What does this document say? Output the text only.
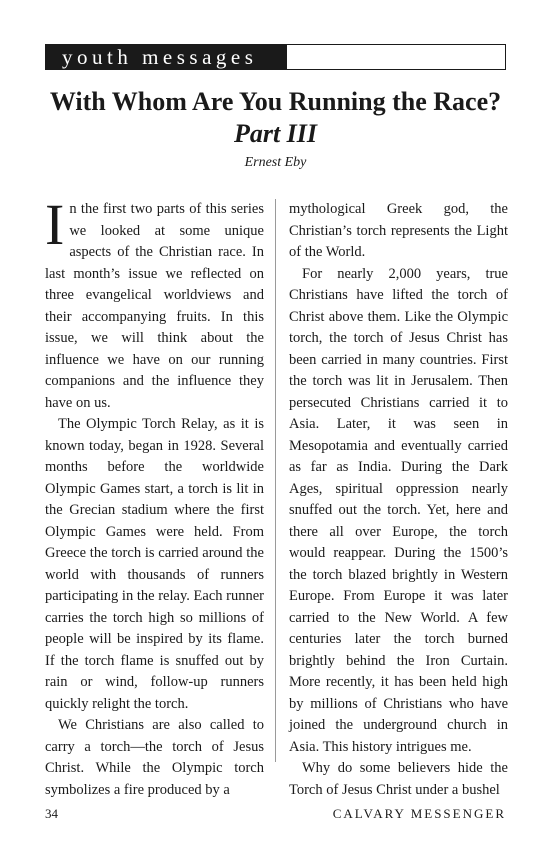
youth messages
With Whom Are You Running the Race? Part III
Ernest Eby

In the first two parts of this series we looked at some unique aspects of the Christian race. In last month’s issue we reflected on three evangelical worldviews and their accompanying fruits. In this issue, we will think about the influence we have on our running companions and the influence they have on us.

The Olympic Torch Relay, as it is known today, began in 1928. Several months before the worldwide Olympic Games start, a torch is lit in the Grecian stadium where the first Olympic Games were held. From Greece the torch is carried around the world with thousands of runners participating in the relay. Each runner carries the torch high so millions of people will be inspired by its flame. If the torch flame is snuffed out by rain or wind, follow-up runners quickly relight the torch.

We Christians are also called to carry a torch—the torch of Jesus Christ. While the Olympic torch symbolizes a fire produced by a

mythological Greek god, the Christian’s torch represents the Light of the World.

For nearly 2,000 years, true Christians have lifted the torch of Christ above them. Like the Olympic torch, the torch of Jesus Christ has been carried in many countries. First the torch was lit in Jerusalem. Then persecuted Christians carried it to Asia. Later, it was seen in Mesopotamia and eventually carried as far as India. During the Dark Ages, spiritual oppression nearly snuffed out the torch. Yet, here and there all over Europe, the torch would reappear. During the 1500’s the torch blazed brightly in Western Europe. From Europe it was later carried to the New World. A few centuries later the torch burned brightly behind the Iron Curtain. More recently, it has been held high by millions of Christians who have joined the underground church in Asia. This history intrigues me.

Why do some believers hide the Torch of Jesus Christ under a bushel

34	CALVARY MESSENGER
